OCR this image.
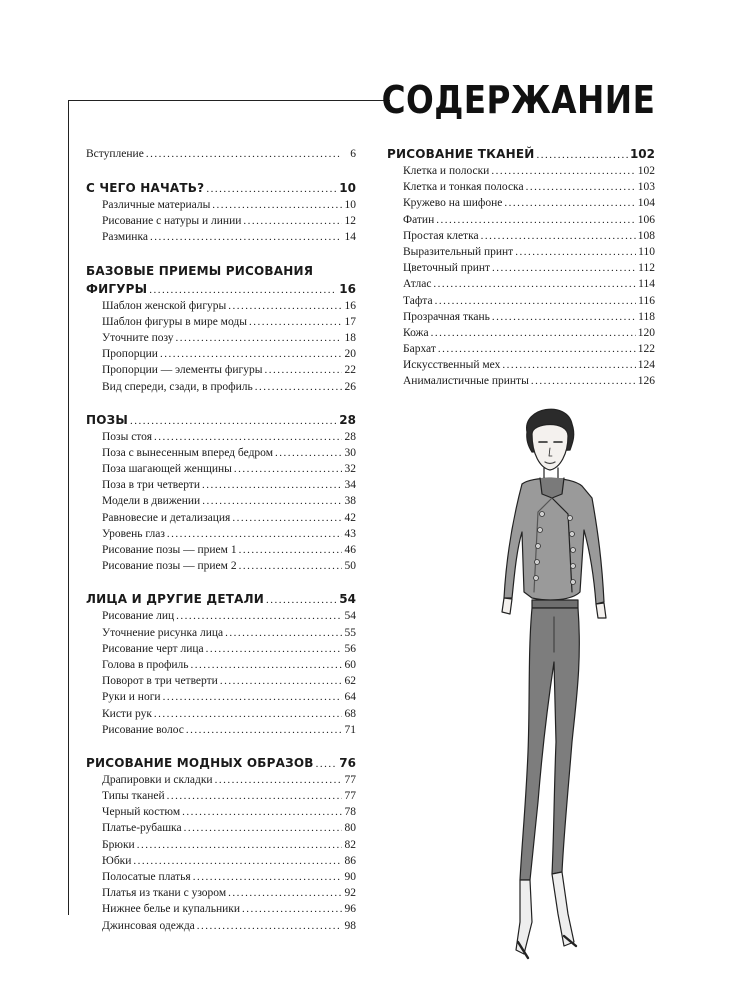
СОДЕРЖАНИЕ
Вступление .....	6
С ЧЕГО НАЧАТЬ? .....	10
Различные материалы .....	10
Рисование с натуры и линии .....	12
Разминка .....	14
БАЗОВЫЕ ПРИЕМЫ РИСОВАНИЯ
ФИГУРЫ .....	16
Шаблон женской фигуры .....	16
Шаблон фигуры в мире моды .....	17
Уточните позу .....	18
Пропорции .....	20
Пропорции — элементы фигуры .....	22
Вид спереди, сзади, в профиль .....	26
ПОЗЫ .....	28
Позы стоя .....	28
Поза с вынесенным вперед бедром .....	30
Поза шагающей женщины .....	32
Поза в три четверти .....	34
Модели в движении .....	38
Равновесие и детализация .....	42
Уровень глаз .....	43
Рисование позы — прием 1 .....	46
Рисование позы — прием 2 .....	50
ЛИЦА И ДРУГИЕ ДЕТАЛИ .....	54
Рисование лиц .....	54
Уточнение рисунка лица .....	55
Рисование черт лица .....	56
Голова в профиль .....	60
Поворот в три четверти .....	62
Руки и ноги .....	64
Кисти рук .....	68
Рисование волос .....	71
РИСОВАНИЕ МОДНЫХ ОБРАЗОВ ..... 76
Драпировки и складки .....	77
Типы тканей .....	77
Черный костюм .....	78
Платье-рубашка .....	80
Брюки .....	82
Юбки .....	86
Полосатые платья .....	90
Платья из ткани с узором .....	92
Нижнее белье и купальники .....	96
Джинсовая одежда .....	98
РИСОВАНИЕ ТКАНЕЙ .....	102
Клетка и полоски .....	102
Клетка и тонкая полоска .....	103
Кружево на шифоне .....	104
Фатин .....	106
Простая клетка .....	108
Выразительный принт .....	110
Цветочный принт .....	112
Атлас .....	114
Тафта .....	116
Прозрачная ткань .....	118
Кожа .....	120
Бархат .....	122
Искусственный мех .....	124
Анималистичные принты .....	126
